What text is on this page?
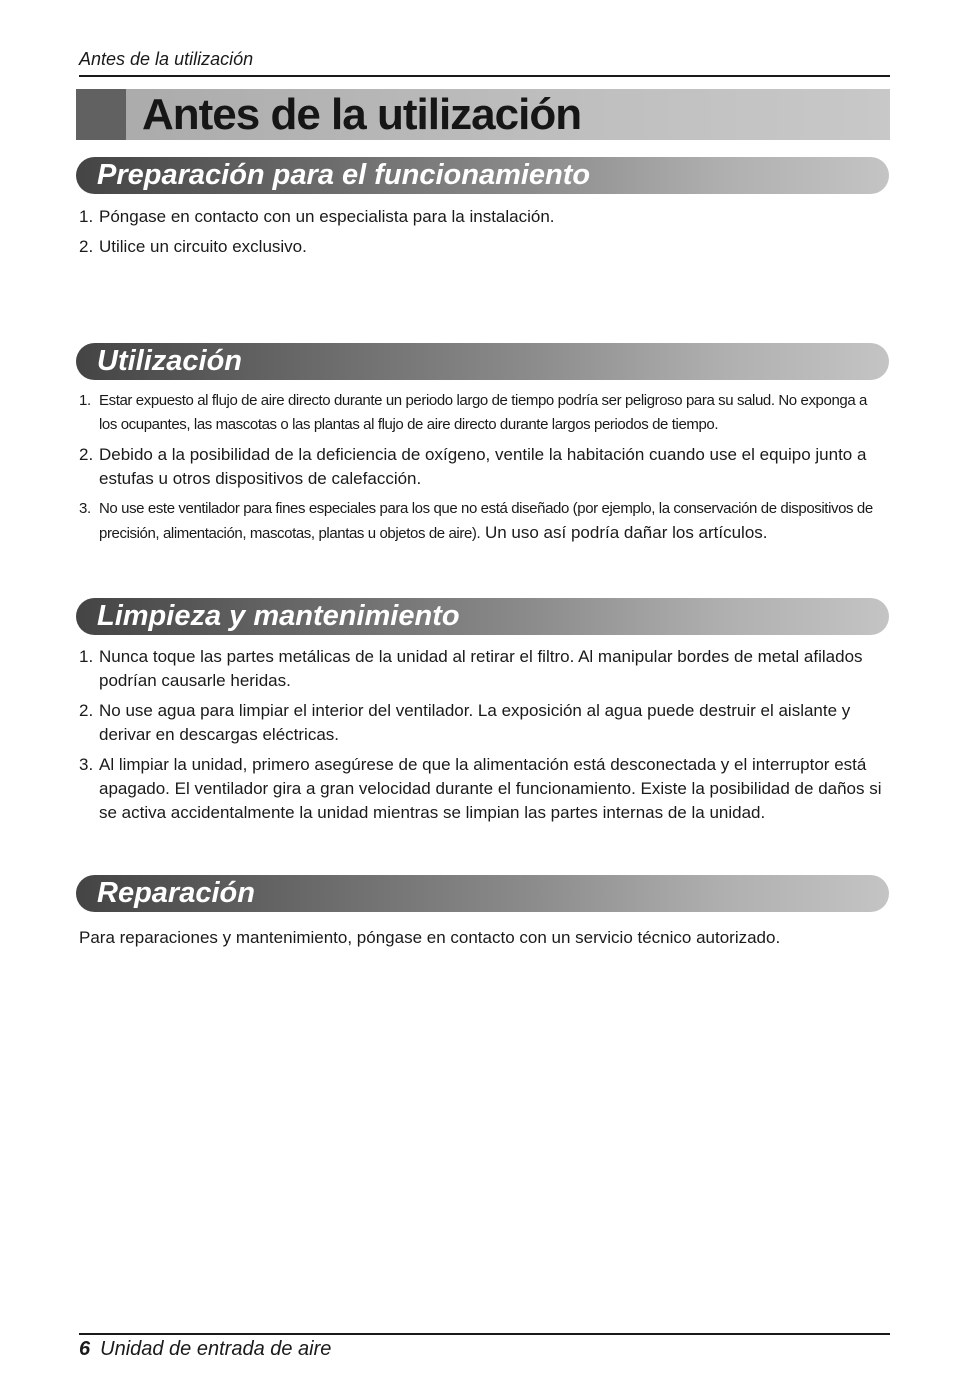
Antes de la utilización
Antes de la utilización
Preparación para el funcionamiento
1. Póngase en contacto con un especialista para la instalación.
2. Utilice un circuito exclusivo.
Utilización
1. Estar expuesto al flujo de aire directo durante un periodo largo de tiempo podría ser peligroso para su salud. No exponga a los ocupantes, las mascotas o las plantas al flujo de aire directo durante largos periodos de tiempo.
2. Debido a la posibilidad de la deficiencia de oxígeno, ventile la habitación cuando use el equipo junto a estufas u otros dispositivos de calefacción.
3. No use este ventilador para fines especiales para los que no está diseñado (por ejemplo, la conservación de dispositivos de precisión, alimentación, mascotas, plantas u objetos de aire). Un uso así podría dañar los artículos.
Limpieza y mantenimiento
1. Nunca toque las partes metálicas de la unidad al retirar el filtro. Al manipular bordes de metal afilados podrían causarle heridas.
2. No use agua para limpiar el interior del ventilador. La exposición al agua puede destruir el aislante y derivar en descargas eléctricas.
3. Al limpiar la unidad, primero asegúrese de que la alimentación está desconectada y el interruptor está apagado. El ventilador gira a gran velocidad durante el funcionamiento. Existe la posibilidad de daños si se activa accidentalmente la unidad mientras se limpian las partes internas de la unidad.
Reparación
Para reparaciones y mantenimiento, póngase en contacto con un servicio técnico autorizado.
6 Unidad de entrada de aire
